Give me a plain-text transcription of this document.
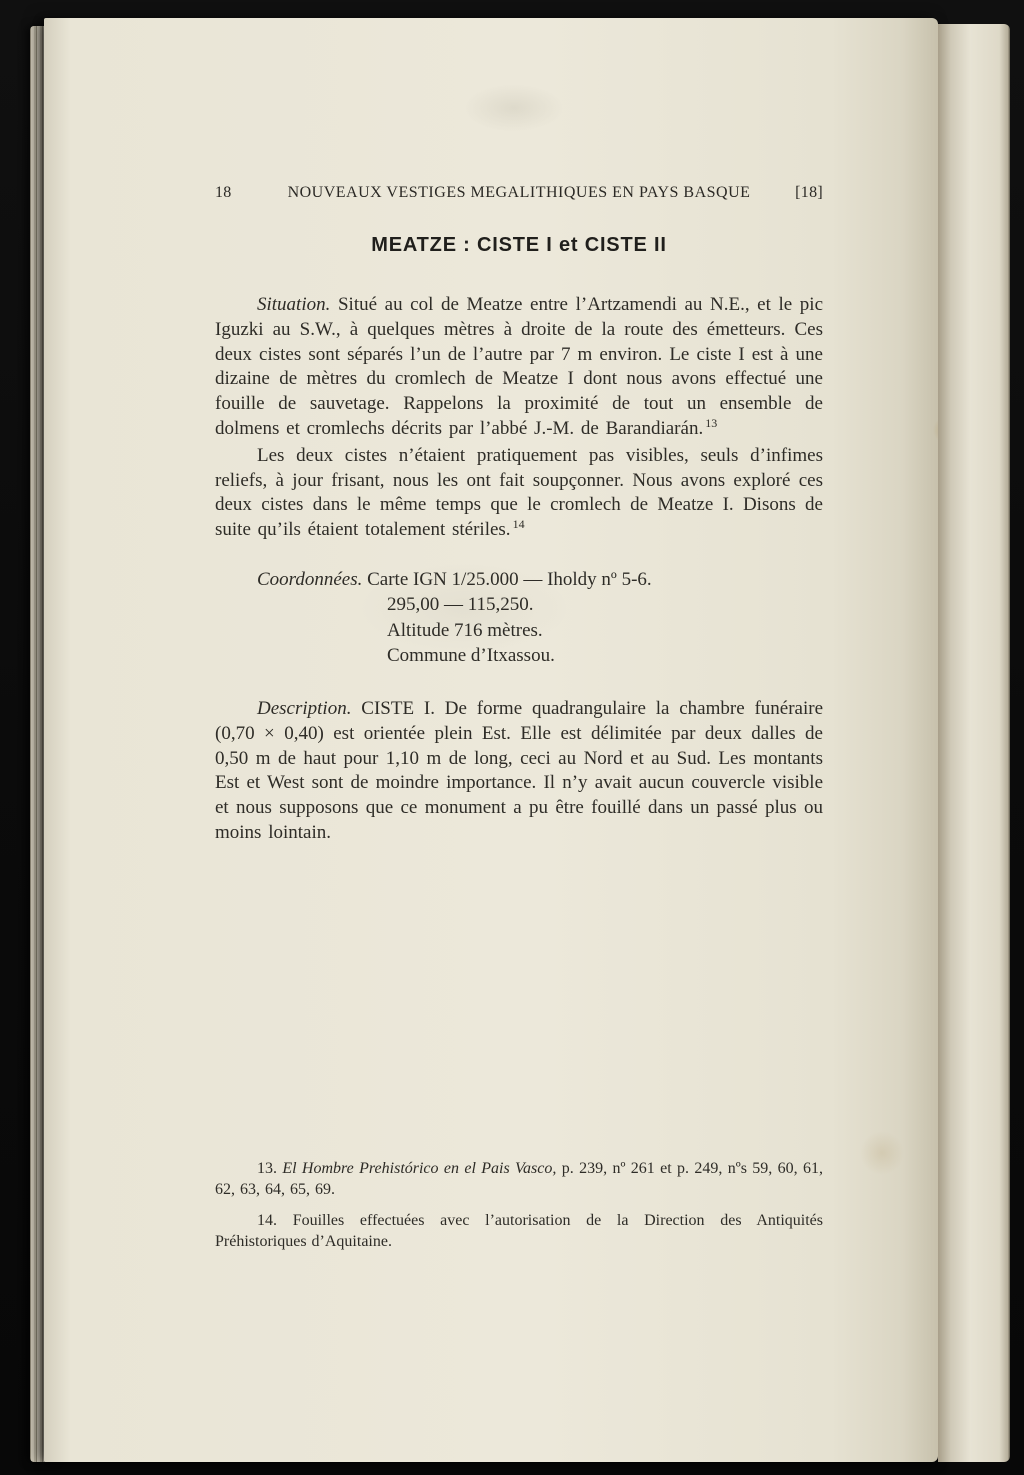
18	NOUVEAUX VESTIGES MEGALITHIQUES EN PAYS BASQUE	[18]
MEATZE : CISTE I et CISTE II

Situation. Situé au col de Meatze entre l’Artzamendi au N.E., et le pic Iguzki au S.W., à quelques mètres à droite de la route des émetteurs. Ces deux cistes sont séparés l’un de l’autre par 7 m environ. Le ciste I est à une dizaine de mètres du cromlech de Meatze I dont nous avons effectué une fouille de sauvetage. Rappelons la proximité de tout un ensemble de dolmens et cromlechs décrits par l’abbé J.-M. de Barandiarán. $^{13}$

Les deux cistes n’étaient pratiquement pas visibles, seuls d’infimes reliefs, à jour frisant, nous les ont fait soupçonner. Nous avons exploré ces deux cistes dans le même temps que le cromlech de Meatze I. Disons de suite qu’ils étaient totalement stériles. $^{14}$

Coordonnées. Carte IGN 1/25.000 — Iholdy nº 5-6.
295,00 — 115,250.
Altitude 716 mètres.
Commune d’Itxassou.

Description. CISTE I. De forme quadrangulaire la chambre funéraire (0,70 × 0,40) est orientée plein Est. Elle est délimitée par deux dalles de 0,50 m de haut pour 1,10 m de long, ceci au Nord et au Sud. Les montants Est et West sont de moindre importance. Il n’y avait aucun couvercle visible et nous supposons que ce monument a pu être fouillé dans un passé plus ou moins lointain.

13. El Hombre Prehistórico en el Pais Vasco, p. 239, nº 261 et p. 249, nºs 59, 60, 61, 62, 63, 64, 65, 69.

14. Fouilles effectuées avec l’autorisation de la Direction des Antiquités Préhistoriques d’Aquitaine.
